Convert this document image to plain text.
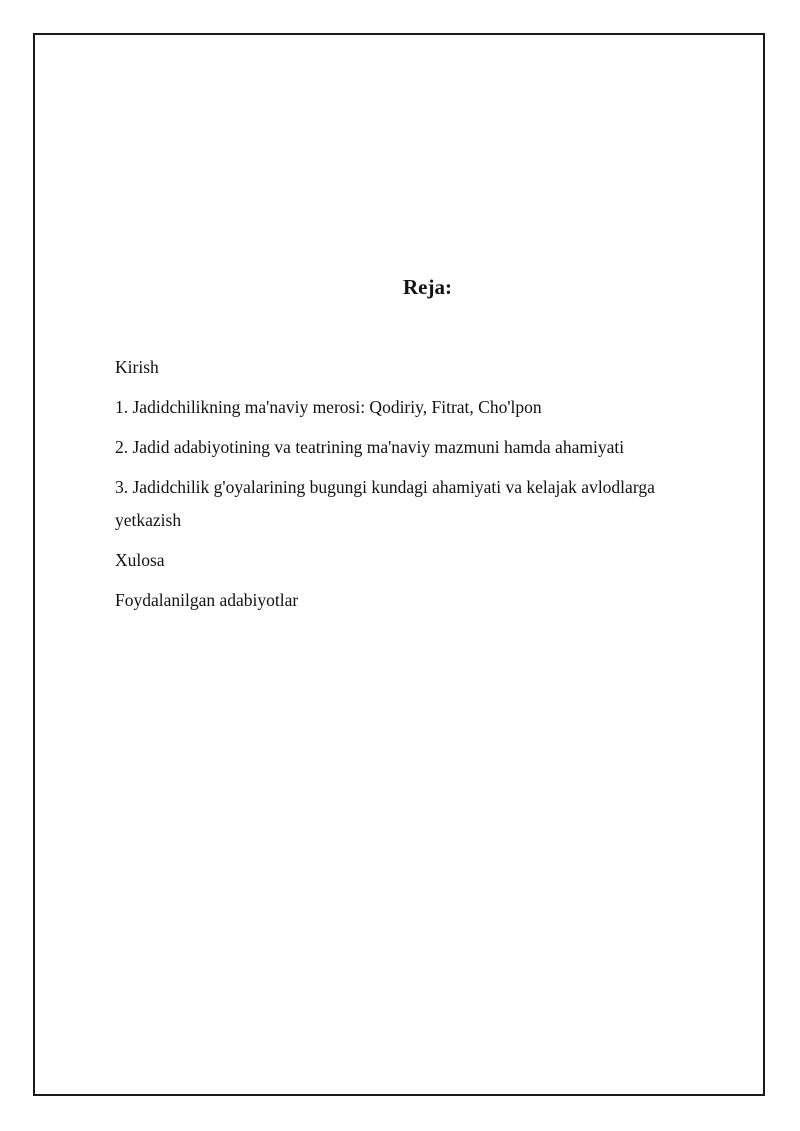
Reja:
Kirish
1. Jadidchilikning ma'naviy merosi: Qodiriy, Fitrat, Cho'lpon
2. Jadid adabiyotining va teatrining ma'naviy mazmuni hamda ahamiyati
3. Jadidchilik g'oyalarining bugungi kundagi ahamiyati va kelajak avlodlarga yetkazish
Xulosa
Foydalanilgan adabiyotlar
